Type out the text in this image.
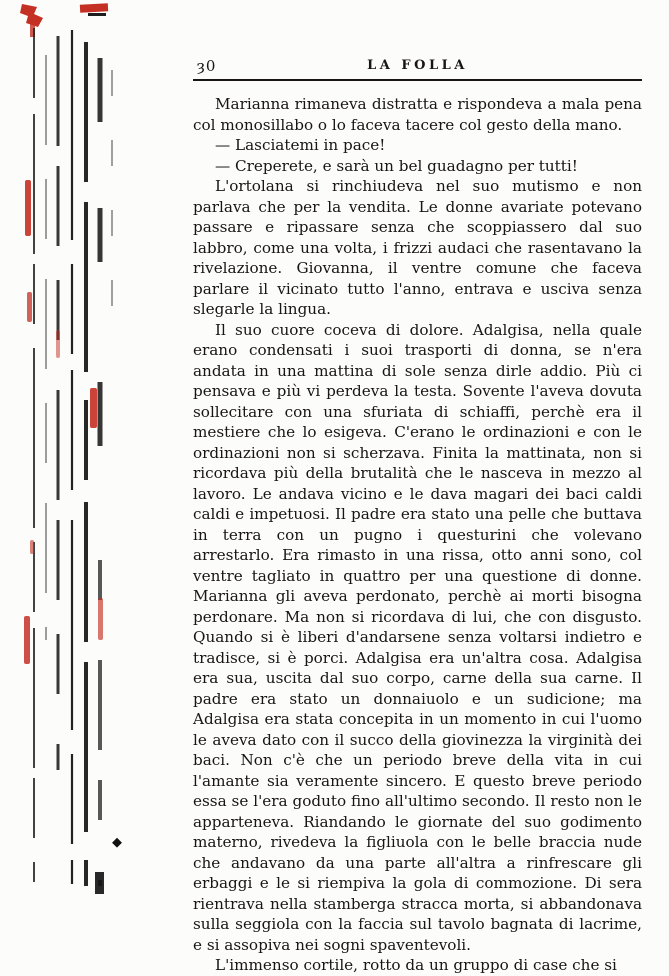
ȝ0	LA FOLLA

Marianna rimaneva distratta e rispondeva a mala pena col monosillabo o lo faceva tacere col gesto della mano.

— Lasciatemi in pace!

— Creperete, e sarà un bel guadagno per tutti!

L'ortolana si rinchiudeva nel suo mutismo e non parlava che per la vendita. Le donne avariate potevano passare e ripassare senza che scoppiassero dal suo labbro, come una volta, i frizzi audaci che rasentavano la rivelazione. Giovanna, il ventre comune che faceva parlare il vicinato tutto l'anno, entrava e usciva senza slegarle la lingua.

Il suo cuore coceva di dolore. Adalgisa, nella quale erano condensati i suoi trasporti di donna, se n'era andata in una mattina di sole senza dirle addio. Più ci pensava e più vi perdeva la testa. Sovente l'aveva dovuta sollecitare con una sfuriata di schiaffi, perchè era il mestiere che lo esigeva. C'erano le ordinazioni e con le ordinazioni non si scherzava. Finita la mattinata, non si ricordava più della brutalità che le nasceva in mezzo al lavoro. Le andava vicino e le dava magari dei baci caldi caldi e impetuosi. Il padre era stato una pelle che buttava in terra con un pugno i questurini che volevano arrestarlo. Era rimasto in una rissa, otto anni sono, col ventre tagliato in quattro per una questione di donne. Marianna gli aveva perdonato, perchè ai morti bisogna perdonare. Ma non si ricordava di lui, che con disgusto. Quando si è liberi d'andarsene senza voltarsi indietro e tradisce, si è porci. Adalgisa era un'altra cosa. Adalgisa era sua, uscita dal suo corpo, carne della sua carne. Il padre era stato un donnaiuolo e un sudicione; ma Adalgisa era stata concepita in un momento in cui l'uomo le aveva dato con il succo della giovinezza la virginità dei baci. Non c'è che un periodo breve della vita in cui l'amante sia veramente sincero. E questo breve periodo essa se l'era goduto fino all'ultimo secondo. Il resto non le apparteneva. Riandando le giornate del suo godimento materno, rivedeva la figliuola con le belle braccia nude che andavano da una parte all'altra a rinfrescare gli erbaggi e le si riempiva la gola di commozione. Di sera rientrava nella stamberga stracca morta, si abbandonava sulla seggiola con la faccia sul tavolo bagnata di lacrime, e si assopiva nei sogni spaventevoli.

L'immenso cortile, rotto da un gruppo di case che si
